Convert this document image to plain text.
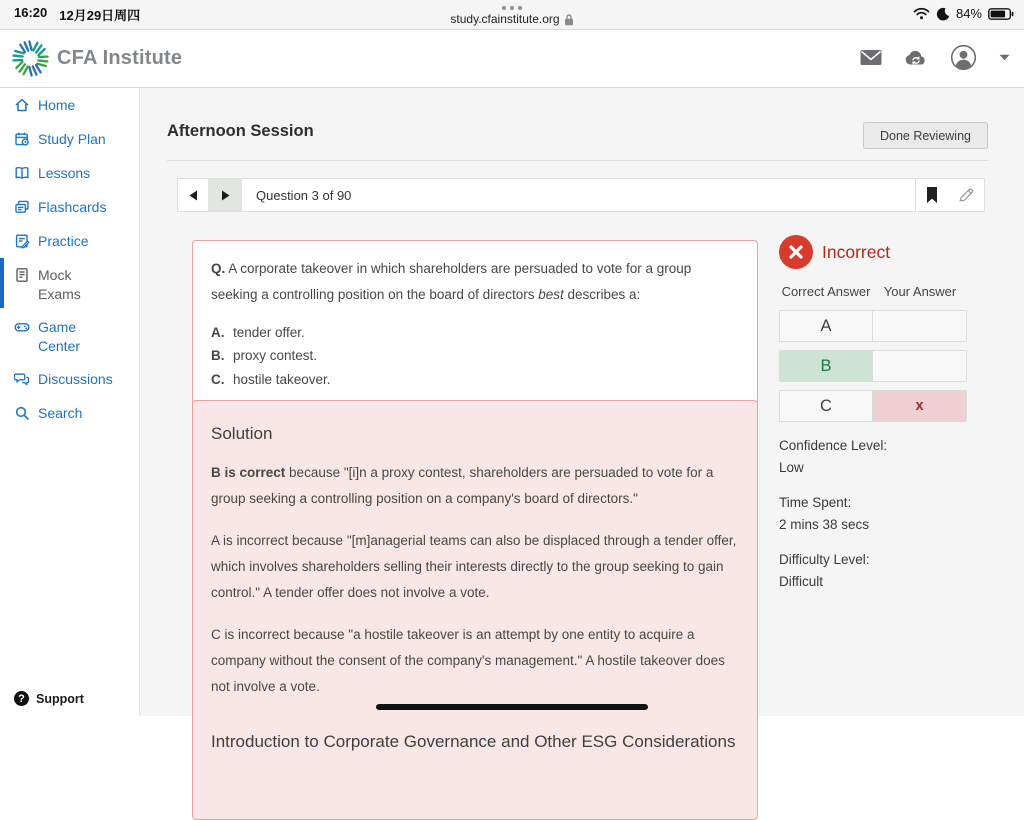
16:20 12月29日周四	study.cfainstitute.org	84%
CFA Institute
Home
Study Plan
Lessons
Flashcards
Practice
Mock Exams
Game Center
Discussions
Search
? Support
Afternoon Session	Done Reviewing
Question 3 of 90
Q. A corporate takeover in which shareholders are persuaded to vote for a group seeking a controlling position on the board of directors best describes a:
A. tender offer.
B. proxy contest.
C. hostile takeover.
Solution
B is correct because "[i]n a proxy contest, shareholders are persuaded to vote for a group seeking a controlling position on a company's board of directors."
A is incorrect because "[m]anagerial teams can also be displaced through a tender offer, which involves shareholders selling their interests directly to the group seeking to gain control." A tender offer does not involve a vote.
C is incorrect because "a hostile takeover is an attempt by one entity to acquire a company without the consent of the company's management." A hostile takeover does not involve a vote.
Introduction to Corporate Governance and Other ESG Considerations
Incorrect
Correct Answer	Your Answer
A
B
C	x
Confidence Level:
Low
Time Spent:
2 mins 38 secs
Difficulty Level:
Difficult
